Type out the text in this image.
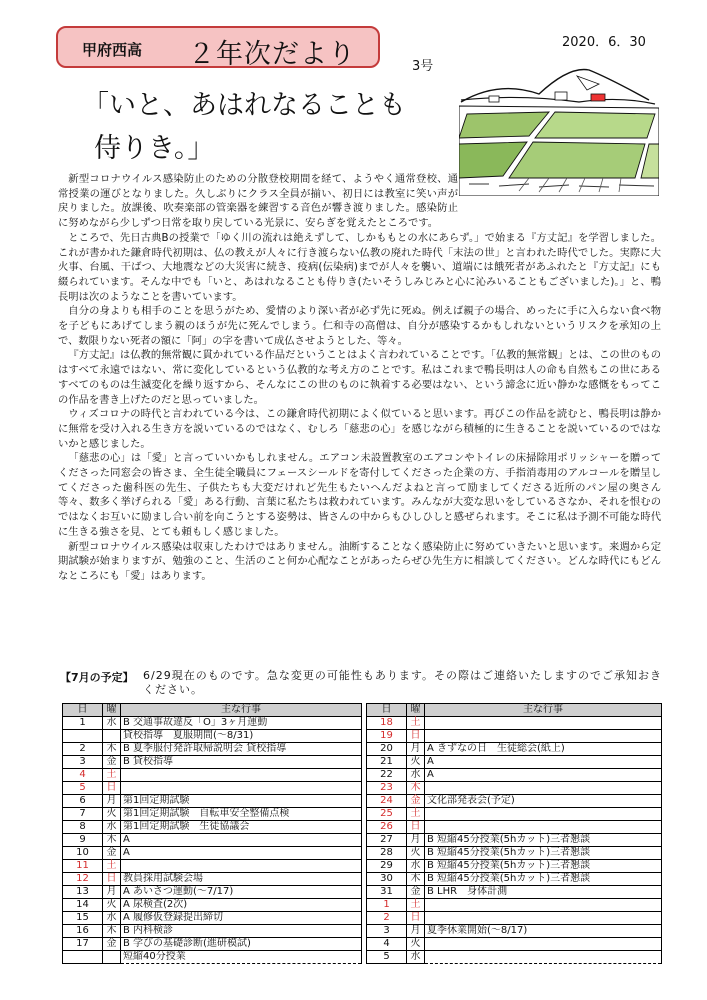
甲府西高 ２年次だより	2020．6．30
3号
「いと、あはれなることも
侍りき。」

新型コロナウイルス感染防止のための分散登校期間を経て、ようやく通常登校、通常授業の運びとなりました。久しぶりにクラス全員が揃い、初日には教室に笑い声が戻りました。放課後、吹奏楽部の管楽器を練習する音色が響き渡りました。感染防止に努めながら少しずつ日常を取り戻している光景に、安らぎを覚えたところです。

ところで、先日古典Bの授業で「ゆく川の流れは絶えずして、しかももとの水にあらず。」で始まる『方丈記』を学習しました。これが書かれた鎌倉時代初期は、仏の教えが人々に行き渡らない仏教の廃れた時代「末法の世」と言われた時代でした。実際に大火事、台風、干ばつ、大地震などの大災害に続き、疫病(伝染病)までが人々を襲い、道端には餓死者があふれたと『方丈記』にも綴られています。そんな中でも「いと、あはれなることも侍りき(たいそうしみじみと心に沁みいることもございました)。」と、鴨長明は次のようなことを書いています。

自分の身よりも相手のことを思うがため、愛情のより深い者が必ず先に死ぬ。例えば親子の場合、めったに手に入らない食べ物を子どもにあげてしまう親のほうが先に死んでしまう。仁和寺の高僧は、自分が感染するかもしれないというリスクを承知の上で、数限りない死者の額に「阿」の字を書いて成仏させようとした、等々。

『方丈記』は仏教的無常観に貫かれている作品だということはよく言われていることです。「仏教的無常観」とは、この世のものはすべて永遠ではない、常に変化しているという仏教的な考え方のことです。私はこれまで鴨長明は人の命も自然もこの世にあるすべてのものは生滅変化を繰り返すから、そんなにこの世のものに執着する必要はない、という諦念に近い静かな感慨をもってこの作品を書き上げたのだと思っていました。

ウィズコロナの時代と言われている今は、この鎌倉時代初期によく似ていると思います。再びこの作品を読むと、鴨長明は静かに無常を受け入れる生き方を説いているのではなく、むしろ「慈悲の心」を感じながら積極的に生きることを説いているのではないかと感じました。

「慈悲の心」は「愛」と言っていいかもしれません。エアコン未設置教室のエアコンやトイレの床掃除用ポリッシャーを贈ってくださった同窓会の皆さま、全生徒全職員にフェースシールドを寄付してくださった企業の方、手指消毒用のアルコールを贈呈してくださった歯科医の先生、子供たちも大変だけれど先生もたいへんだよねと言って励ましてくださる近所のパン屋の奥さん等々、数多く挙げられる「愛」ある行動、言葉に私たちは救われています。みんなが大変な思いをしているさなか、それを恨むのではなくお互いに励まし合い前を向こうとする姿勢は、皆さんの中からもひしひしと感ぜられます。そこに私は予測不可能な時代に生きる強さを見、とても頼もしく感じました。

新型コロナウイルス感染は収束したわけではありません。油断することなく感染防止に努めていきたいと思います。来週から定期試験が始まりますが、勉強のこと、生活のこと何か心配なことがあったらぜひ先生方に相談してください。どんな時代にもどんなところにも「愛」はあります。

【7月の予定】 6/29現在のものです。急な変更の可能性もあります。その際はご連絡いたしますのでご承知おきください。
日	曜	主な行事
1	水	B 交通事故違反「O」3ヶ月運動
		貸校指導　夏服期間(～8/31)
2	木	B 夏季服付発許取帰説明会 貸校指導
3	金	B 貸校指導
4	土	
5	日	
6	月	第1回定期試験
7	火	第1回定期試験　自転車安全整備点検
8	水	第1回定期試験　生徒協議会
9	木	A
10	金	A
11	土	
12	日	教員採用試験会場
13	月	A あいさつ運動(～7/17)
14	火	A 尿検査(2次)
15	水	A 履修仮登録提出締切
16	木	B 内科検診
17	金	B 学びの基礎診断(進研模試)
		短縮40分授業
日	曜	主な行事
18	土	
19	日	
20	月	A きずなの日　生徒総会(紙上)
21	火	A
22	水	A
23	木	
24	金	文化部発表会(予定)
25	土	
26	日	
27	月	B 短縮45分授業(5hカット)三者懇談
28	火	B 短縮45分授業(5hカット)三者懇談
29	水	B 短縮45分授業(5hカット)三者懇談
30	木	B 短縮45分授業(5hカット)三者懇談
31	金	B LHR　身体計測
1	土	
2	日	
3	月	夏季休業開始(～8/17)
4	火	
5	水	
